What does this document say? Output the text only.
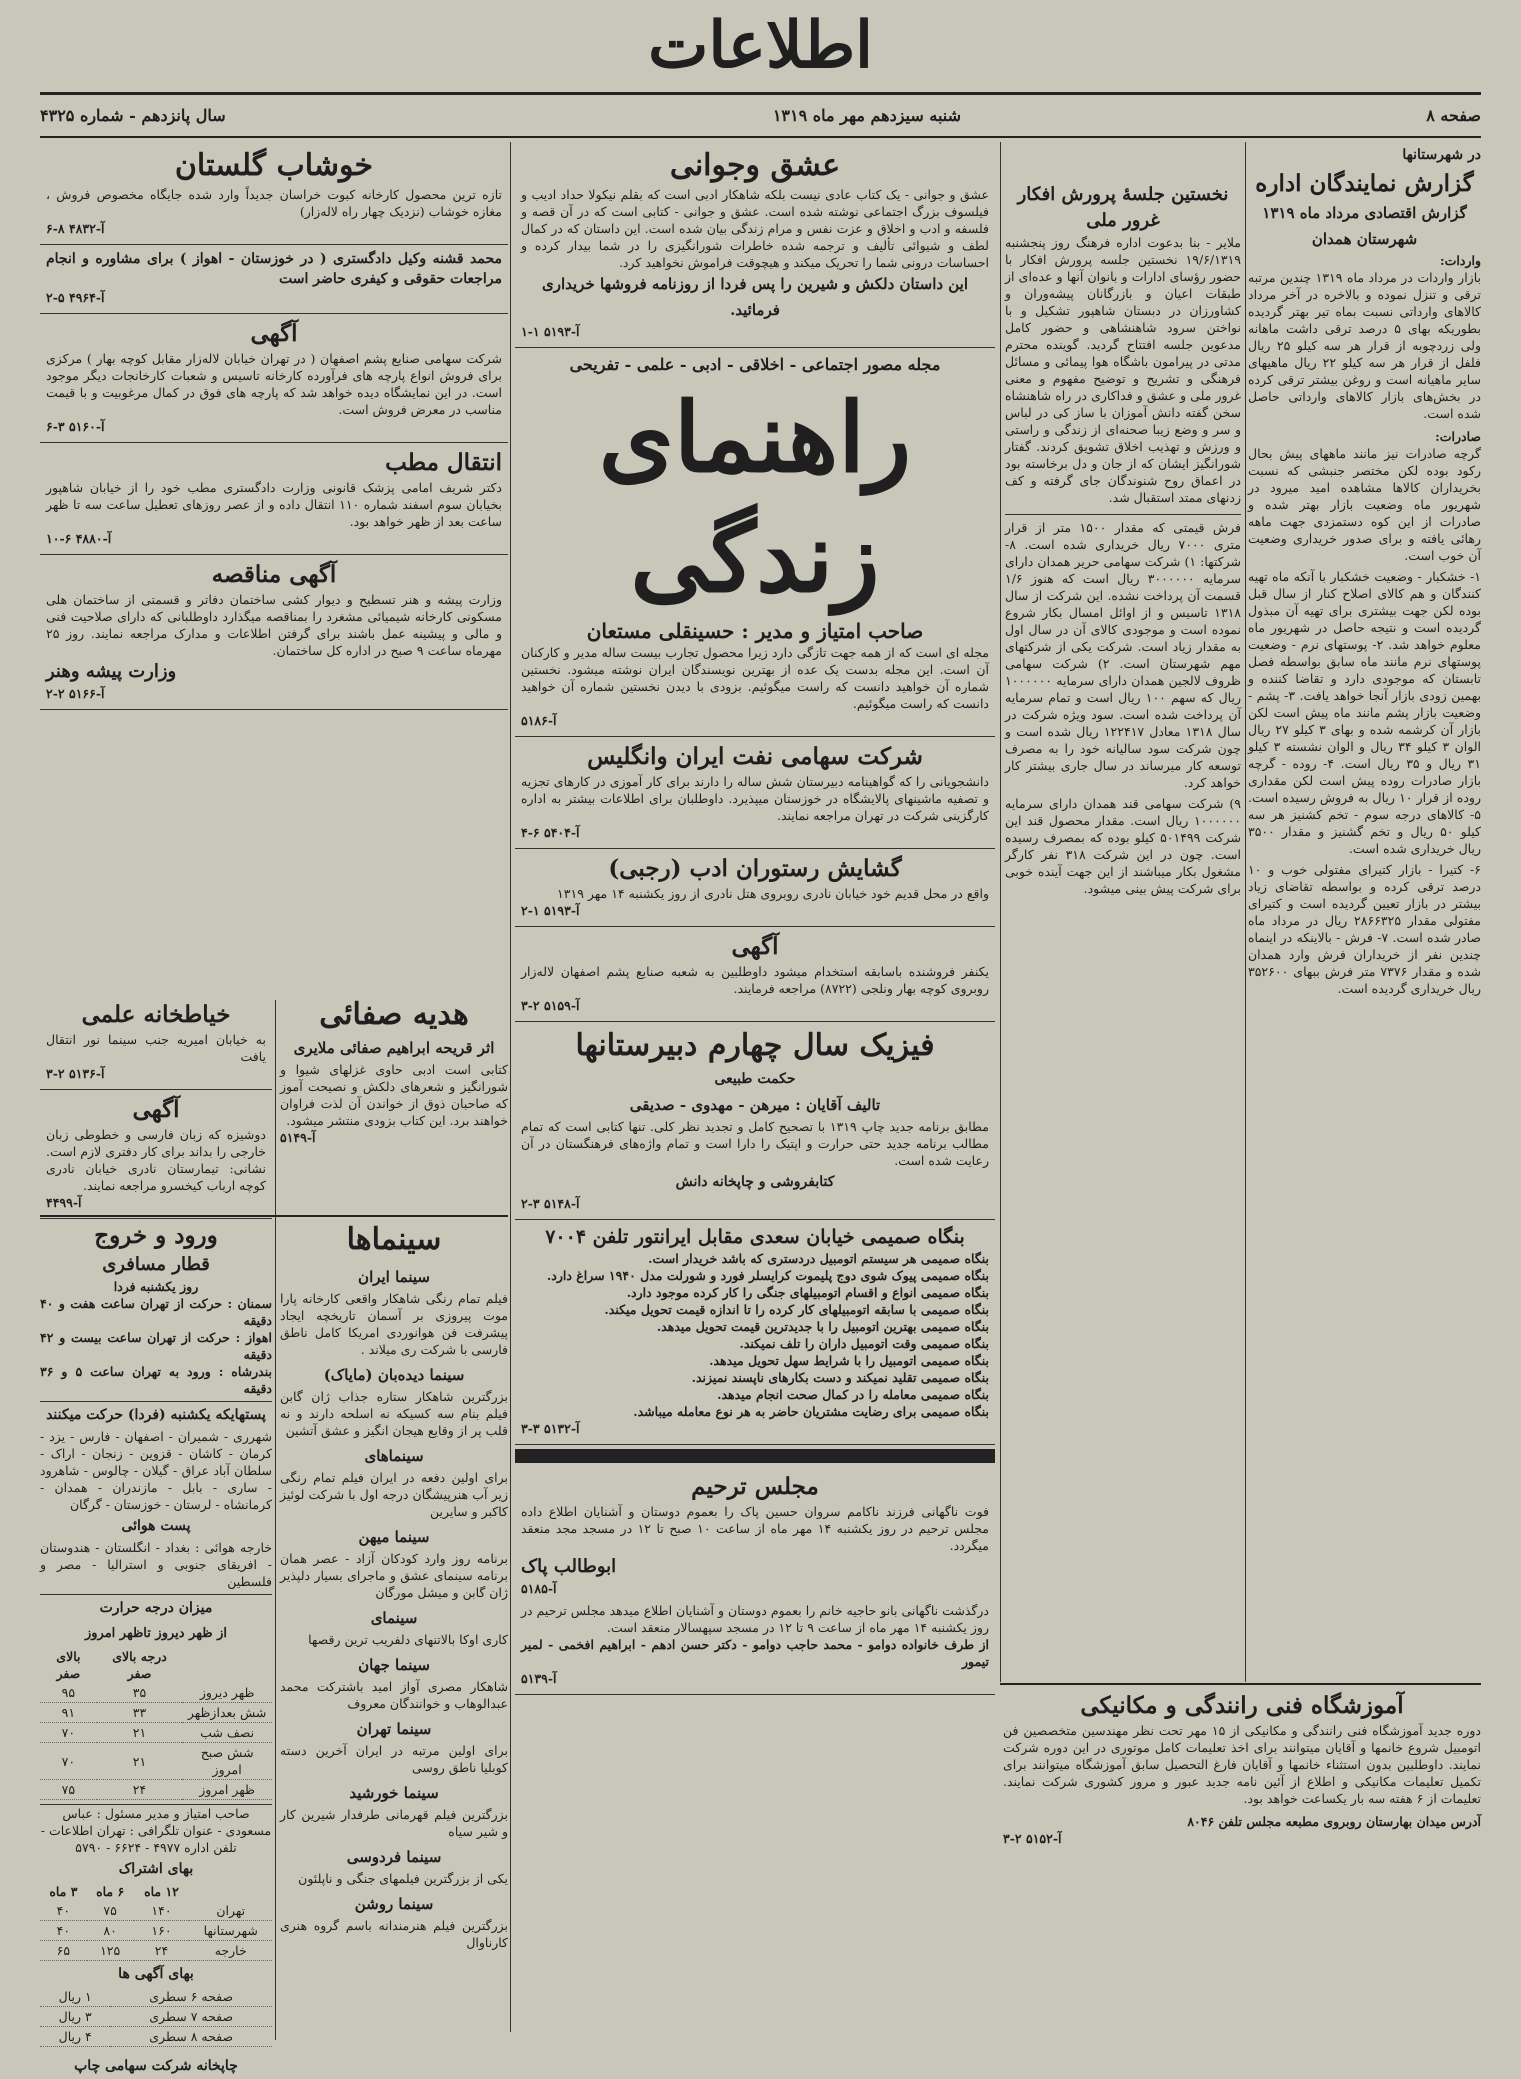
اطلاعات
صفحه ۸
شنبه سیزدهم مهر ماه ۱۳۱۹
سال پانزدهم - شماره ۴۳۲۵
در شهرستانها
گزارش نمایندگان اداره
گزارش اقتصادی مرداد ماه ۱۳۱۹ شهرستان همدان
واردات:
بازار واردات در مرداد ماه ۱۳۱۹ چندین مرتبه ترقی و تنزل نموده و بالاخره در آخر مرداد کالاهای وارداتی نسبت بماه تیر بهتر گردیده بطوریکه بهای ۵ درصد ترقی داشت ماهانه ولی زردچوبه از قرار هر سه کیلو ۲۵ ریال فلفل از قرار هر سه کیلو ۲۲ ریال ماهیهای سایر ماهیانه است و روغن بیشتر ترقی کرده در بخش‌های بازار کالاهای وارداتی حاصل شده است.
صادرات:
گرچه صادرات نیز مانند ماههای پیش بحال رکود بوده لکن مختصر جنبشی که نسبت بخریداران کالاها مشاهده امید میرود در شهریور ماه وضعیت بازار بهتر شده و صادرات از این کوه دستمزدی جهت ماهه رهائی یافته و برای صدور خریداری وضعیت آن خوب است.
۱- خشکبار - وضعیت خشکبار با آنکه ماه تهیه کنندگان و هم کالای اصلاح کنار از سال قبل بوده لکن جهت بیشتری برای تهیه آن مبذول گردیده است و نتیجه حاصل در شهریور ماه معلوم خواهد شد. ۲- پوستهای نرم - وضعیت پوستهای نرم مانند ماه سابق بواسطه فصل تابستان که موجودی دارد و تقاضا کننده و بهمین زودی بازار آنجا خواهد یافت. ۳- پشم - وضعیت بازار پشم مانند ماه پیش است لکن بازار آن کرشمه شده و بهای ۳ کیلو ۲۷ ریال الوان ۳ کیلو ۳۴ ریال و الوان نشسته ۳ کیلو ۳۱ ریال و ۳۵ ریال است. ۴- روده - گرچه بازار صادرات روده پیش است لکن مقداری روده از قرار ۱۰ ریال به فروش رسیده است. ۵- کالاهای درجه سوم - تخم کشنیز هر سه کیلو ۵۰ ریال و تخم گشنیز و مقدار ۳۵۰۰ ریال خریداری شده است.
۶- کتیرا - بازار کتیرای مفتولی خوب و ۱۰ درصد ترقی کرده و بواسطه تقاضای زیاد بیشتر در بازار تعیین گردیده است و کتیرای مفتولی مقدار ۲۸۶۶۳۲۵ ریال در مرداد ماه صادر شده است. ۷- فرش - بالاینکه در اینماه چندین نفر از خریداران فرش وارد همدان شده و مقدار ۷۳۷۶ متر فرش ببهای ۳۵۲۶۰۰ ریال خریداری گردیده است.
نخستین جلسهٔ پرورش افکار
غرور ملی
ملایر - بنا بدعوت اداره فرهنگ روز پنجشنبه ۱۹/۶/۱۳۱۹ نخستین جلسه پرورش افکار با حضور رؤسای ادارات و بانوان آنها و عده‌ای از طبقات اعیان و بازرگانان پیشه‌وران و کشاورزان در دبستان شاهپور تشکیل و با نواختن سرود شاهنشاهی و حضور کامل مدعوین جلسه افتتاح گردید. گوینده محترم مدتی در پیرامون باشگاه هوا پیمائی و مسائل فرهنگی و تشریح و توضیح مفهوم و معنی غرور ملی و عشق و فداکاری در راه شاهنشاه سخن گفته دانش آموزان با ساز کی در لباس و سر و وضع زیبا صحنه‌ای از زندگی و راستی و ورزش و تهذیب اخلاق تشویق کردند. گفتار شورانگیز ایشان که از جان و دل برخاسته بود در اعماق روح شنوندگان جای گرفته و کف زدنهای ممتد استقبال شد.
فرش قیمتی که مقدار ۱۵۰۰ متر از قرار متری ۷۰۰۰ ریال خریداری شده است. ۸- شرکتها: ۱) شرکت سهامی حریر همدان دارای سرمایه ۳۰۰۰۰۰۰ ریال است که هنوز ۱/۶ قسمت آن پرداخت نشده. این شرکت از سال ۱۳۱۸ تاسیس و از اوائل امسال بکار شروع نموده است و موجودی کالای آن در سال اول به مقدار زیاد است. شرکت یکی از شرکتهای مهم شهرستان است. ۲) شرکت سهامی ظروف لالجین همدان دارای سرمایه ۱۰۰۰۰۰۰ ریال که سهم ۱۰۰ ریال است و تمام سرمایه آن پرداخت شده است. سود ویژه شرکت در سال ۱۳۱۸ معادل ۱۲۲۴۱۷ ریال شده است و چون شرکت سود سالیانه خود را به مصرف توسعه کار میرساند در سال جاری بیشتر کار خواهد کرد.
۹) شرکت سهامی قند همدان دارای سرمایه ۱۰۰۰۰۰۰ ریال است. مقدار محصول قند این شرکت ۵۰۱۴۹۹ کیلو بوده که بمصرف رسیده است. چون در این شرکت ۳۱۸ نفر کارگر مشغول بکار میباشند از این جهت آینده خوبی برای شرکت پیش بینی میشود.
آموزشگاه فنی رانندگی و مکانیکی
دوره جدید آموزشگاه فنی رانندگی و مکانیکی از ۱۵ مهر تحت نظر مهندسین متخصصین فن اتومبیل شروع خانمها و آقایان میتوانند برای اخذ تعلیمات کامل موتوری در این دوره شرکت نمایند. داوطلبین بدون استثناء خانمها و آقایان فارغ التحصیل سابق آموزشگاه میتوانند برای تکمیل تعلیمات مکانیکی و اطلاع از آئین نامه جدید عبور و مرور کشوری شرکت نمایند. تعلیمات از ۶ هفته سه بار یکساعت خواهد بود.
آدرس میدان بهارستان روبروی مطبعه مجلس تلفن ۸۰۴۶
آ-۵۱۵۲ ۲-۳
عشق وجوانی
عشق و جوانی - یک کتاب عادی نیست بلکه شاهکار ادبی است که بقلم نیکولا حداد ادیب و فیلسوف بزرگ اجتماعی نوشته شده است. عشق و جوانی - کتابی است که در آن قصه و فلسفه و ادب و اخلاق و عزت نفس و مرام زندگی بیان شده است. این داستان که در کمال لطف و شیوائی تألیف و ترجمه شده خاطرات شورانگیزی را در شما بیدار کرده و احساسات درونی شما را تحریک میکند و هیچوقت فراموش نخواهید کرد.
این داستان دلکش و شیرین را پس فردا از روزنامه فروشها خریداری فرمائید.
آ-۵۱۹۳ ۱-۱
مجله مصور اجتماعی - اخلاقی - ادبی - علمی - تفریحی
راهنمای زندگی
صاحب امتیاز و مدیر : حسینقلی مستعان
مجله ای است که از همه جهت تازگی دارد زیرا محصول تجارب بیست ساله مدیر و کارکنان آن است. این مجله بدست یک عده از بهترین نویسندگان ایران نوشته میشود. نخستین شماره آن خواهید دانست که راست میگوئیم. بزودی با دیدن نخستین شماره آن خواهید دانست که راست میگوئیم.
آ-۵۱۸۶
شرکت سهامی نفت ایران وانگلیس
دانشجویانی را که گواهینامه دبیرستان شش ساله را دارند برای کار آموزی در کارهای تجزیه و تصفیه ماشینهای پالایشگاه در خوزستان میپذیرد. داوطلبان برای اطلاعات بیشتر به اداره کارگزینی شرکت در تهران مراجعه نمایند.
آ-۵۴۰۴ ۶-۴
گشایش رستوران ادب (رجبی)
واقع در محل قدیم خود خیابان نادری روبروی هتل نادری از روز یکشنبه ۱۴ مهر ۱۳۱۹
آ-۵۱۹۳ ۱-۲
آگهی
یکنفر فروشنده باسابقه استخدام میشود داوطلبین به شعبه صنایع پشم اصفهان لاله‌زار روبروی کوچه بهار ونلجی (۸۷۲۲) مراجعه فرمایند.
آ-۵۱۵۹ ۲-۳
فیزیک سال چهارم دبیرستانها
حکمت طبیعی
تالیف آقایان : میرهن - مهدوی - صدیقی
مطابق برنامه جدید چاپ ۱۳۱۹ با تصحیح کامل و تجدید نظر کلی. تنها کتابی است که تمام مطالب برنامه جدید حتی حرارت و اپتیک را دارا است و تمام واژه‌های فرهنگستان در آن رعایت شده است.
کتابفروشی و چاپخانه دانش
آ-۵۱۴۸ ۳-۲
بنگاه صمیمی خیابان سعدی مقابل ایرانتور تلفن ۷۰۰۴
بنگاه صمیمی هر سیستم اتومبیل دردستری که باشد خریدار است.
بنگاه صمیمی پیوک شوی دوج پلیموت کرایسلر فورد و شورلت مدل ۱۹۴۰ سراغ دارد.
بنگاه صمیمی انواع و اقسام اتومبیلهای جنگی را کار کرده موجود دارد.
بنگاه صمیمی با سابقه اتومبیلهای کار کرده را تا اندازه قیمت تحویل میکند.
بنگاه صمیمی بهترین اتومبیل را با جدیدترین قیمت تحویل میدهد.
بنگاه صمیمی وقت اتومبیل داران را تلف نمیکند.
بنگاه صمیمی اتومبیل را با شرایط سهل تحویل میدهد.
بنگاه صمیمی تقلید نمیکند و دست بکارهای ناپسند نمیزند.
بنگاه صمیمی معامله را در کمال صحت انجام میدهد.
بنگاه صمیمی برای رضایت مشتریان حاضر به هر نوع معامله میباشد.
آ-۵۱۳۲ ۳-۳
مجلس ترحیم
فوت ناگهانی فرزند ناکامم سروان حسین پاک را بعموم دوستان و آشنایان اطلاع داده مجلس ترحیم در روز یکشنبه ۱۴ مهر ماه از ساعت ۱۰ صبح تا ۱۲ در مسجد مجد منعقد میگردد.
ابوطالب پاک
آ-۵۱۸۵
درگذشت ناگهانی بانو حاجیه خانم را بعموم دوستان و آشنایان اطلاع میدهد مجلس ترحیم در روز یکشنبه ۱۴ مهر ماه از ساعت ۹ تا ۱۲ در مسجد سپهسالار منعقد است.
از طرف خانواده دوامو - محمد حاجب دوامو - دکتر حسن ادهم - ابراهیم افخمی - لمیر تیمور
آ-۵۱۳۹
خوشاب گلستان
تازه ترین محصول کارخانه کبوت خراسان جدیداً وارد شده جایگاه مخصوص فروش ، مغازه خوشاب (نزدیک چهار راه لاله‌زار)
آ-۴۸۳۲ ۸-۶
محمد قشنه وکیل دادگستری ( در خوزستان - اهواز ) برای مشاوره و انجام مراجعات حقوقی و کیفری حاضر است
آ-۴۹۶۴ ۵-۲
آگهی
شرکت سهامی صنایع پشم اصفهان ( در تهران خیابان لاله‌زار مقابل کوچه بهار ) مرکزی برای فروش انواع پارچه های فرآورده کارخانه تاسیس و شعبات کارخانجات دیگر موجود است. در این نمایشگاه دیده خواهد شد که پارچه های فوق در کمال مرغوبیت و با قیمت مناسب در معرض فروش است.
آ-۵۱۶۰ ۳-۶
انتقال مطب
دکتر شریف امامی پزشک قانونی وزارت دادگستری مطب خود را از خیابان شاهپور بخیابان سوم اسفند شماره ۱۱۰ انتقال داده و از عصر روزهای تعطیل ساعت سه تا ظهر ساعت بعد از ظهر خواهد بود.
آ-۴۸۸۰ ۶-۱۰
آگهی مناقصه
وزارت پیشه و هنر تسطیح و دیوار کشی ساختمان دفاتر و قسمتی از ساختمان هلی مسکونی کارخانه شیمیائی مشغرد را بمناقصه میگذارد داوطلبانی که دارای صلاحیت فنی و مالی و پیشینه عمل باشند برای گرفتن اطلاعات و مدارک مراجعه نمایند. روز ۲۵ مهرماه ساعت ۹ صبح در اداره کل ساختمان.
وزارت پیشه وهنر
آ-۵۱۶۶ ۲-۲
هدیه صفائی
اثر قریحه ابراهیم صفائی ملایری
کتابی است ادبی حاوی غزلهای شیوا و شورانگیز و شعرهای دلکش و نصیحت آموز که صاحبان ذوق از خواندن آن لذت فراوان خواهند برد. این کتاب بزودی منتشر میشود.
آ-۵۱۴۹
خیاطخانه علمی
به خیابان امیریه جنب سینما نور انتقال یافت
آ-۵۱۳۶ ۲-۳
آگهی
دوشیزه که زبان فارسی و خطوطی زبان خارجی را بداند برای کار دفتری لازم است. نشانی: تیمارستان نادری خیابان نادری کوچه ارباب کیخسرو مراجعه نمایند.
آ-۴۴۹۹
سینماها
سینما ایران
فیلم تمام رنگی شاهکار واقعی کارخانه پارا موت پیروزی بر آسمان تاریخچه ایجاد پیشرفت فن هوانوردی امریکا کامل ناطق فارسی با شرکت ری میلاند .
سینما دیده‌بان (مایاک)
بزرگترین شاهکار ستاره جذاب ژان گابن فیلم بنام سه کسیکه نه اسلحه دارند و نه قلب پر از وقایع هیجان انگیز و عشق آتشین
سینماهای
برای اولین دفعه در ایران فیلم تمام رنگی زیر آب هنرپیشگان درجه اول با شرکت لوئیز کاکبر و سایرین
سینما میهن
برنامه روز وارد کودکان آزاد - عصر همان برنامه سینمای عشق و ماجرای بسیار دلپذیر ژان گابن و میشل مورگان
سینمای
کاری اوکا بالاتنهای دلفریب ترین رقصها
سینما جهان
شاهکار مصری آواز امید باشترکت محمد عبدالوهاب و خوانندگان معروف
سینما تهران
برای اولین مرتبه در ایران آخرین دسته کوبلیا ناطق روسی
سینما خورشید
بزرگترین فیلم قهرمانی طرفدار شیرین کار و شیر سیاه
سینما فردوسی
یکی از بزرگترین فیلمهای جنگی و ناپلئون
سینما روشن
بزرگترین فیلم هنرمندانه باسم گروه هنری کارناوال
ورود و خروج
قطار مسافری
روز یکشنبه فردا
سمنان : حرکت از تهران ساعت هفت و ۴۰ دقیقه
اهواز : حرکت از تهران ساعت بیست و ۴۲ دقیقه
بندرشاه : ورود به تهران ساعت ۵ و ۳۶ دقیقه
پستهایکه یکشنبه (فردا) حرکت میکنند
شهرری - شمیران - اصفهان - فارس - یزد - کرمان - کاشان - قزوین - زنجان - اراک - سلطان آباد عراق - گیلان - چالوس - شاهرود - ساری - بابل - مازندران - همدان - کرمانشاه - لرستان - خوزستان - گرگان
پست هوائی
خارجه هوائی : بغداد - انگلستان - هندوستان - افریقای جنوبی و استرالیا - مصر و فلسطین
میزان درجه حرارت
از ظهر دیروز تاظهر امروز
	درجه بالای صفر	بالای صفر
ظهر دیروز	۳۵	۹۵
شش بعدازظهر	۳۳	۹۱
نصف شب	۲۱	۷۰
شش صبح امروز	۲۱	۷۰
ظهر امروز	۲۴	۷۵
صاحب امتیاز و مدیر مسئول : عباس مسعودی - عنوان تلگرافی : تهران اطلاعات - تلفن اداره ۴۹۷۷ - ۶۶۲۴ - ۵۷۹۰
بهای اشتراک
	۱۲ ماه	۶ ماه	۳ ماه
تهران	۱۴۰	۷۵	۴۰
شهرستانها	۱۶۰	۸۰	۴۰
خارجه	۲۴	۱۲۵	۶۵
بهای آگهی ها
صفحه ۶ سطری	۱ ریال
صفحه ۷ سطری	۳ ریال
صفحه ۸ سطری	۴ ریال
چاپخانه شرکت سهامی چاپ
